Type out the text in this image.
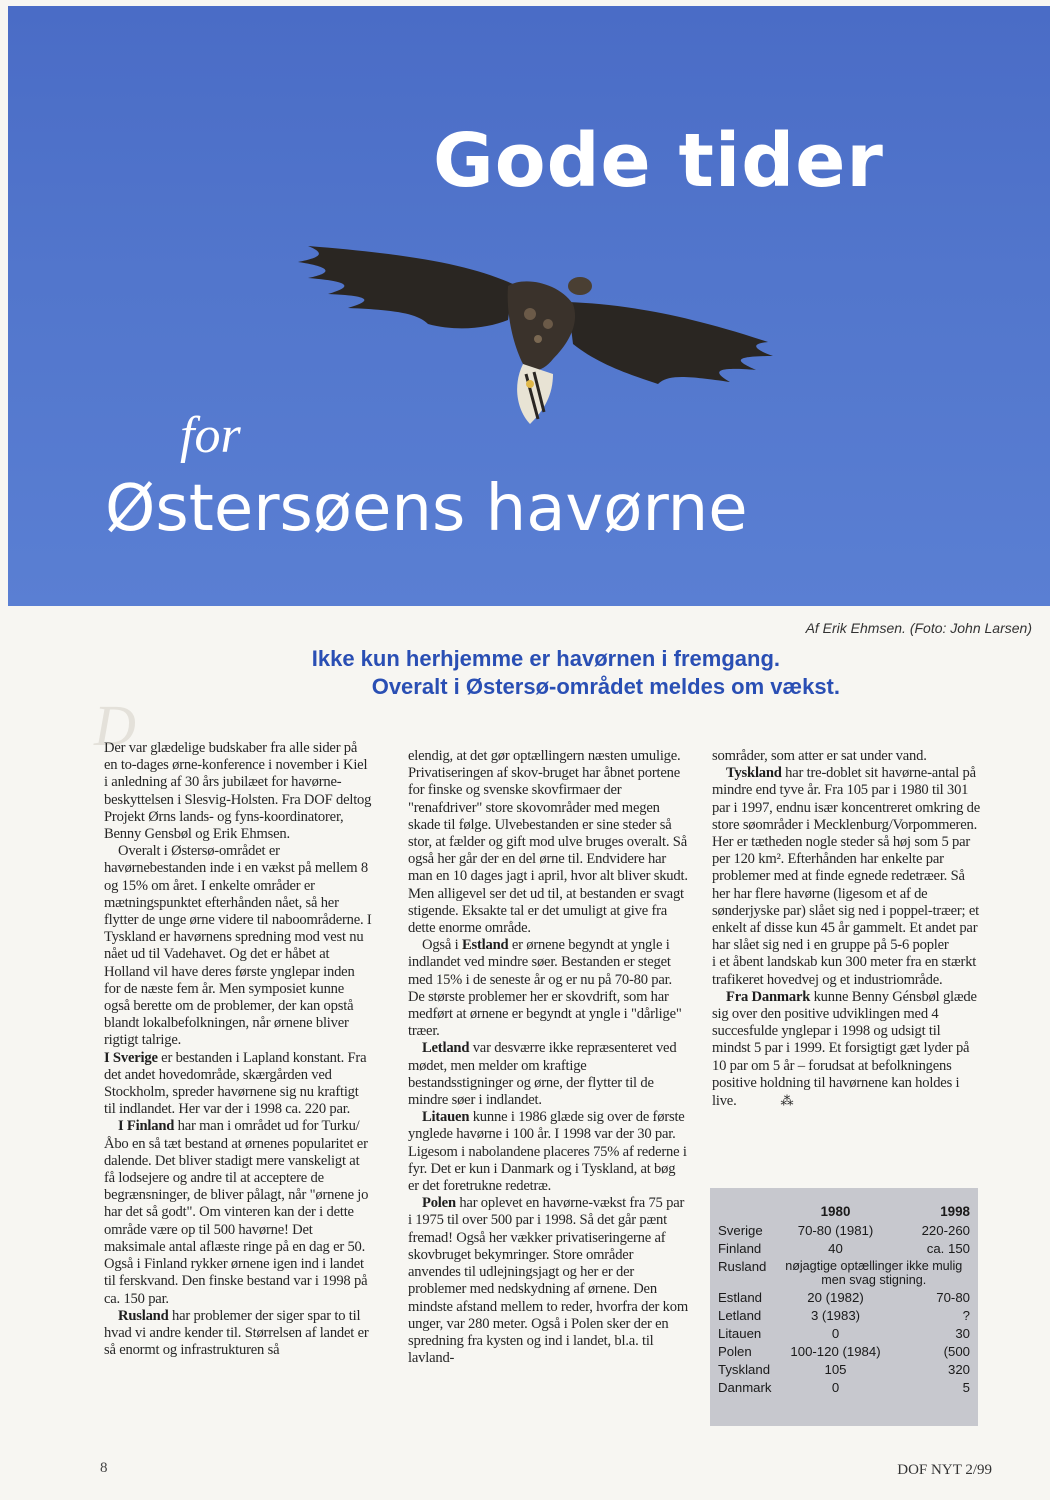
Gode tider
for
Østersøens havørne
Af Erik Ehmsen. (Foto: John Larsen)
Ikke kun herhjemme er havørnen i fremgang.
Overalt i Østersø-området meldes om vækst.
D

Der var glædelige budskaber fra alle sider på en to-dages ørne-konference i november i Kiel i anledning af 30 års jubilæet for havørne-beskyttelsen i Slesvig-Holsten. Fra DOF deltog Projekt Ørns lands- og fyns-koordinatorer, Benny Gensbøl og Erik Ehmsen.

Overalt i Østersø-området er havørnebestanden inde i en vækst på mellem 8 og 15% om året. I enkelte områder er mætningspunktet efterhånden nået, så her flytter de unge ørne videre til naboområderne. I Tyskland er havørnens spredning mod vest nu nået ud til Vadehavet. Og det er håbet at Holland vil have deres første ynglepar inden for de næste fem år. Men symposiet kunne også berette om de problemer, der kan opstå blandt lokalbefolkningen, når ørnene bliver rigtigt talrige.

I Sverige er bestanden i Lapland konstant. Fra det andet hovedområde, skærgården ved Stockholm, spreder havørnene sig nu kraftigt til indlandet. Her var der i 1998 ca. 220 par.

I Finland har man i området ud for Turku/Åbo en så tæt bestand at ørnenes popularitet er dalende. Det bliver stadigt mere vanskeligt at få lodsejere og andre til at acceptere de begrænsninger, de bliver pålagt, når "ørnene jo har det så godt". Om vinteren kan der i dette område være op til 500 havørne! Det maksimale antal aflæste ringe på en dag er 50. Også i Finland rykker ørnene igen ind i landet til ferskvand. Den finske bestand var i 1998 på ca. 150 par.

Rusland har problemer der siger spar to til hvad vi andre kender til. Størrelsen af landet er så enormt og infrastrukturen så

elendig, at det gør optællingern næsten umulige. Privatiseringen af skov-bruget har åbnet portene for finske og svenske skovfirmaer der "renafdriver" store skovområder med megen skade til følge. Ulvebestanden er sine steder så stor, at fælder og gift mod ulve bruges overalt. Så også her går der en del ørne til. Endvidere har man en 10 dages jagt i april, hvor alt bliver skudt. Men alligevel ser det ud til, at bestanden er svagt stigende. Eksakte tal er det umuligt at give fra dette enorme område.

Også i Estland er ørnene begyndt at yngle i indlandet ved mindre søer. Bestanden er steget med 15% i de seneste år og er nu på 70-80 par. De største problemer her er skovdrift, som har medført at ørnene er begyndt at yngle i "dårlige" træer.

Letland var desværre ikke repræsenteret ved mødet, men melder om kraftige bestandsstigninger og ørne, der flytter til de mindre søer i indlandet.

Litauen kunne i 1986 glæde sig over de første ynglede havørne i 100 år. I 1998 var der 30 par. Ligesom i nabolandene placeres 75% af rederne i fyr. Det er kun i Danmark og i Tyskland, at bøg er det foretrukne redetræ.

Polen har oplevet en havørne-vækst fra 75 par i 1975 til over 500 par i 1998. Så det går pænt fremad! Også her vækker privatiseringerne af skovbruget bekymringer. Store områder anvendes til udlejningsjagt og her er der problemer med nedskydning af ørnene. Den mindste afstand mellem to reder, hvorfra der kom unger, var 280 meter. Også i Polen sker der en spredning fra kysten og ind i landet, bl.a. til lavland-

sområder, som atter er sat under vand.

Tyskland har tre-doblet sit havørne-antal på mindre end tyve år. Fra 105 par i 1980 til 301 par i 1997, endnu især koncentreret omkring de store søområder i Mecklenburg/Vorpommeren. Her er tætheden nogle steder så høj som 5 par per 120 km². Efterhånden har enkelte par problemer med at finde egnede redetræer. Så her har flere havørne (ligesom et af de sønderjyske par) slået sig ned i poppel-træer; et enkelt af disse kun 45 år gammelt. Et andet par har slået sig ned i en gruppe på 5-6 popler

i et åbent landskab kun 300 meter fra en stærkt trafikeret hovedvej og et industriområde.

Fra Danmark kunne Benny Génsbøl glæde sig over den positive udviklingen med 4 succesfulde ynglepar i 1998 og udsigt til mindst 5 par i 1999. Et forsigtigt gæt lyder på 10 par om 5 år – forudsat at befolkningens positive holdning til havørnene kan holdes i live.	⁂

	1980	1998
Sverige	70-80 (1981)	220-260
Finland	40	ca. 150
Rusland	nøjagtige optællinger ikke mulig men svag stigning.	
Estland	20 (1982)	70-80
Letland	3 (1983)	?
Litauen	0	30
Polen	100-120 (1984)	(500
Tyskland	105	320
Danmark	0	5
8	DOF NYT 2/99
